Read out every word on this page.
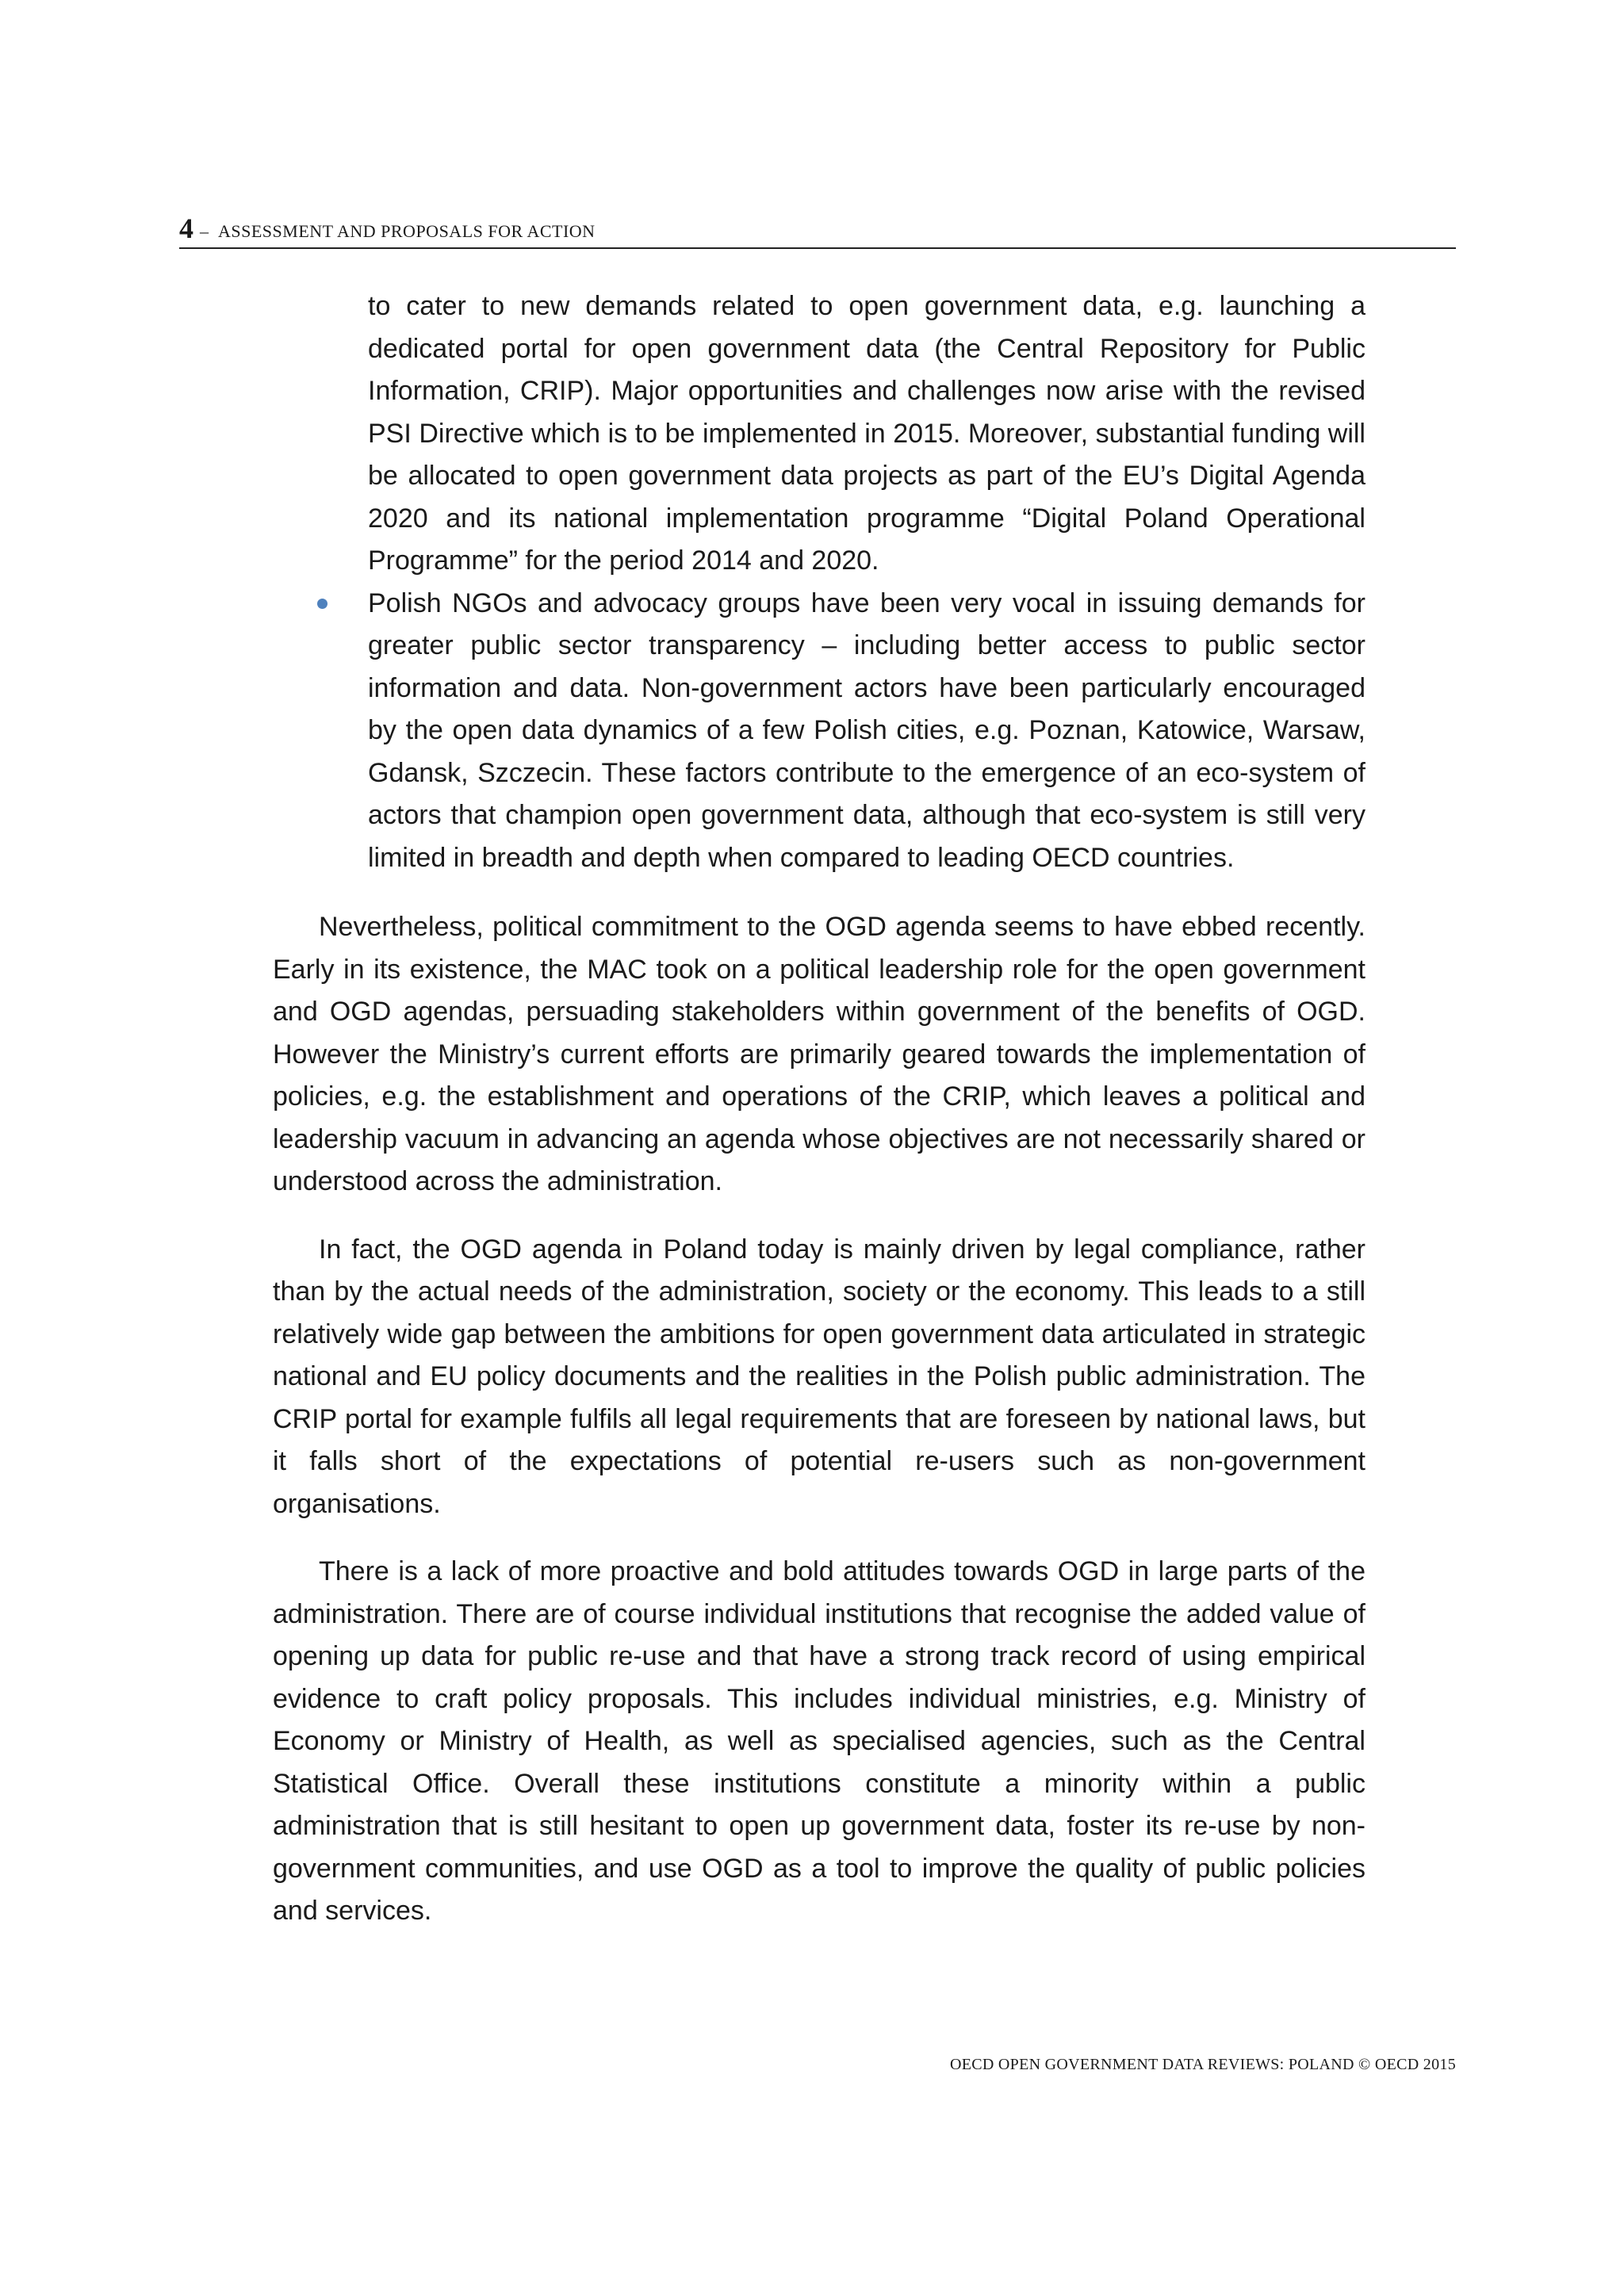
4 – ASSESSMENT AND PROPOSALS FOR ACTION
to cater to new demands related to open government data, e.g. launching a dedicated portal for open government data (the Central Repository for Public Information, CRIP). Major opportunities and challenges now arise with the revised PSI Directive which is to be implemented in 2015. Moreover, substantial funding will be allocated to open government data projects as part of the EU’s Digital Agenda 2020 and its national implementation programme “Digital Poland Operational Programme” for the period 2014 and 2020.
Polish NGOs and advocacy groups have been very vocal in issuing demands for greater public sector transparency – including better access to public sector information and data. Non-government actors have been particularly encouraged by the open data dynamics of a few Polish cities, e.g. Poznan, Katowice, Warsaw, Gdansk, Szczecin. These factors contribute to the emergence of an eco-system of actors that champion open government data, although that eco-system is still very limited in breadth and depth when compared to leading OECD countries.

Nevertheless, political commitment to the OGD agenda seems to have ebbed recently. Early in its existence, the MAC took on a political leadership role for the open government and OGD agendas, persuading stakeholders within government of the benefits of OGD. However the Ministry’s current efforts are primarily geared towards the implementation of policies, e.g. the establishment and operations of the CRIP, which leaves a political and leadership vacuum in advancing an agenda whose objectives are not necessarily shared or understood across the administration.

In fact, the OGD agenda in Poland today is mainly driven by legal compliance, rather than by the actual needs of the administration, society or the economy. This leads to a still relatively wide gap between the ambitions for open government data articulated in strategic national and EU policy documents and the realities in the Polish public administration. The CRIP portal for example fulfils all legal requirements that are foreseen by national laws, but it falls short of the expectations of potential re-users such as non-government organisations.

There is a lack of more proactive and bold attitudes towards OGD in large parts of the administration. There are of course individual institutions that recognise the added value of opening up data for public re-use and that have a strong track record of using empirical evidence to craft policy proposals. This includes individual ministries, e.g. Ministry of Economy or Ministry of Health, as well as specialised agencies, such as the Central Statistical Office. Overall these institutions constitute a minority within a public administration that is still hesitant to open up government data, foster its re-use by non-government communities, and use OGD as a tool to improve the quality of public policies and services.

OECD OPEN GOVERNMENT DATA REVIEWS: POLAND © OECD 2015
